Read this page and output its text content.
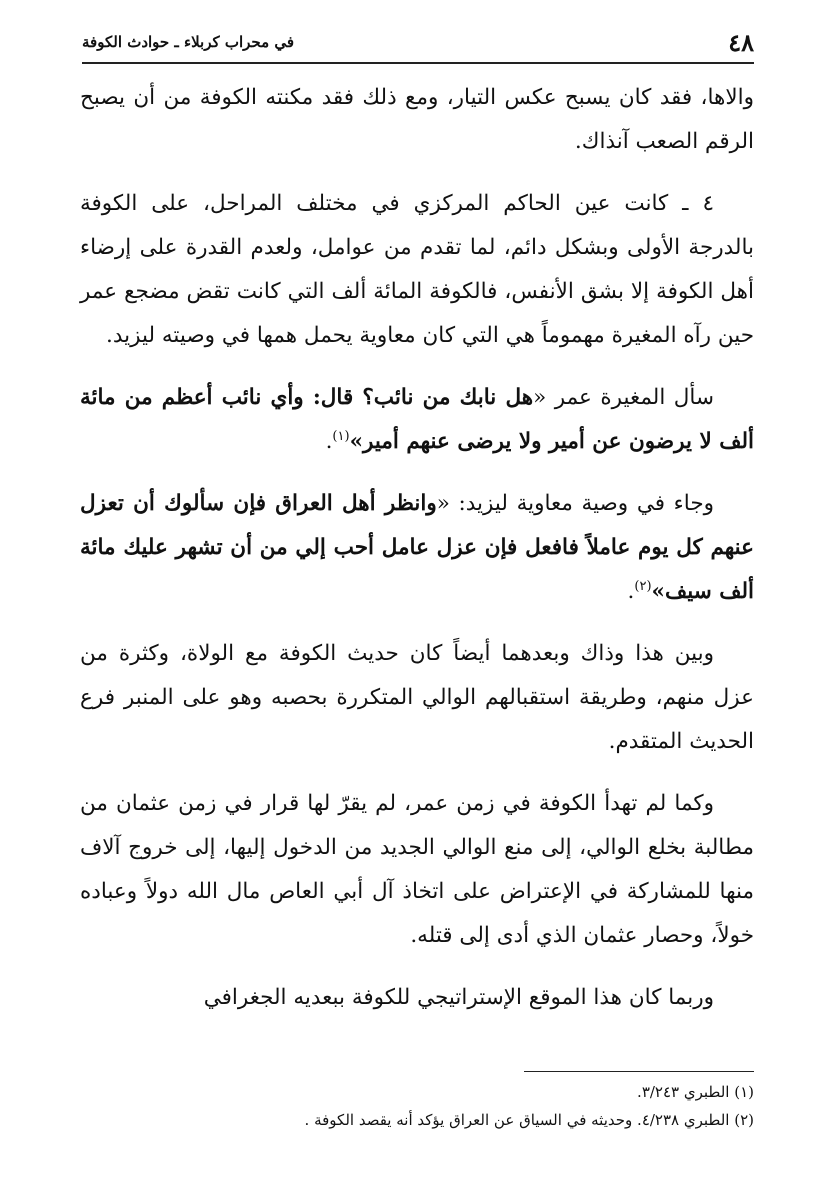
٤٨
في محراب كربلاء ـ حوادث الكوفة

والاها، فقد كان يسبح عكس التيار، ومع ذلك فقد مكنته الكوفة من أن يصبح الرقم الصعب آنذاك.

٤ ـ كانت عين الحاكم المركزي في مختلف المراحل، على الكوفة بالدرجة الأولى وبشكل دائم، لما تقدم من عوامل، ولعدم القدرة على إرضاء أهل الكوفة إلا بشق الأنفس، فالكوفة المائة ألف التي كانت تقض مضجع عمر حين رآه المغيرة مهموماً هي التي كان معاوية يحمل همها في وصيته ليزيد.

سأل المغيرة عمر «هل نابك من نائب؟ قال: وأي نائب أعظم من مائة ألف لا يرضون عن أمير ولا يرضى عنهم أمير»$^{(١)}$.

وجاء في وصية معاوية ليزيد: «وانظر أهل العراق فإن سألوك أن تعزل عنهم كل يوم عاملاً فافعل فإن عزل عامل أحب إلي من أن تشهر عليك مائة ألف سيف»$^{(٢)}$.

وبين هذا وذاك وبعدهما أيضاً كان حديث الكوفة مع الولاة، وكثرة من عزل منهم، وطريقة استقبالهم الوالي المتكررة بحصبه وهو على المنبر فرع الحديث المتقدم.

وكما لم تهدأ الكوفة في زمن عمر، لم يقرّ لها قرار في زمن عثمان من مطالبة بخلع الوالي، إلى منع الوالي الجديد من الدخول إليها، إلى خروج آلاف منها للمشاركة في الإعتراض على اتخاذ آل أبي العاص مال الله دولاً وعباده خولاً، وحصار عثمان الذي أدى إلى قتله.

وربما كان هذا الموقع الإستراتيجي للكوفة ببعديه الجغرافي

(١) الطبري ٣/٢٤٣.
(٢) الطبري ٤/٢٣٨. وحديثه في السياق عن العراق يؤكد أنه يقصد الكوفة .
